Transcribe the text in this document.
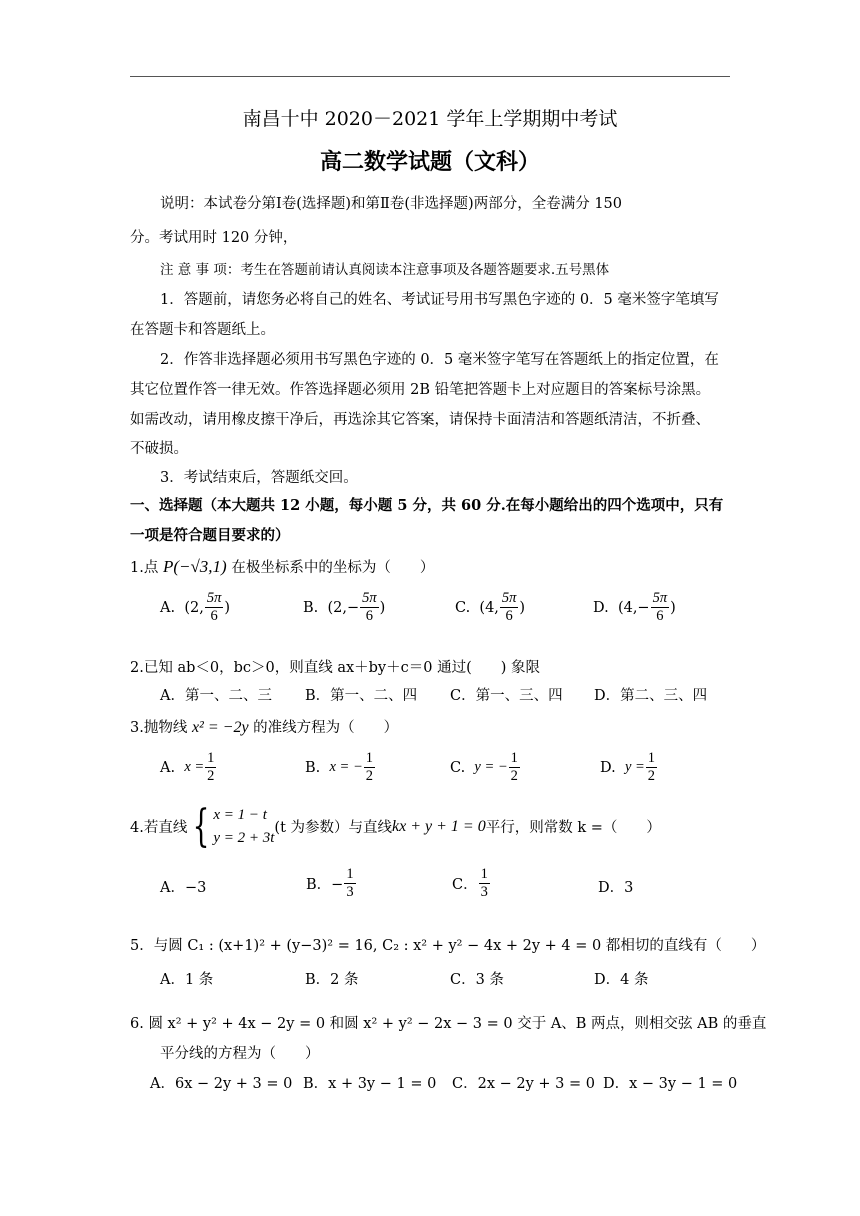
南昌十中 2020－2021 学年上学期期中考试
高二数学试题（文科）
说明：本试卷分第Ⅰ卷(选择题)和第Ⅱ卷(非选择题)两部分，全卷满分 150
分。考试用时 120 分钟，
注 意 事 项：考生在答题前请认真阅读本注意事项及各题答题要求.五号黑体
1．答题前，请您务必将自己的姓名、考试证号用书写黑色字迹的 0．5 毫米签字笔填写
在答题卡和答题纸上。
2．作答非选择题必须用书写黑色字迹的 0．5 毫米签字笔写在答题纸上的指定位置，在
其它位置作答一律无效。作答选择题必须用 2B 铅笔把答题卡上对应题目的答案标号涂黑。
如需改动，请用橡皮擦干净后，再选涂其它答案，请保持卡面清洁和答题纸清洁，不折叠、
不破损。
3．考试结束后，答题纸交回。
一、选择题（本大题共 12 小题，每小题 5 分，共 60 分.在每小题给出的四个选项中，只有
一项是符合题目要求的）
1.点 P(−√3,1) 在极坐标系中的坐标为（　　）
A.
(2, $\frac{5\pi}{6}$ )	B.
($2,- \frac{5\pi}{6}$ )	C.
(4, $\frac{5\pi}{6}$ )	D.
($4,- \frac{5\pi}{6}$ )
2.已知 ab＜0，bc＞0，则直线 ax＋by＋c＝0 通过(　　) 象限
A．第一、二、三 B．第一、二、四 C．第一、三、四 D．第二、三、四
3.抛物线 x² = −2y 的准线方程为（　　）
A.
$x = \frac{1}{2}$	B.
x = − $\frac{1}{2}$	C.
y = − $\frac{1}{2}$	D.
$y = \frac{1}{2}$
4.若直线 { x = 1 − t
y = 2 + 3t
(t 为参数）与直线 kx + y + 1 = 0 平行，则常数 k =（　　）
A．−3	B．− $\frac{1}{3}$	C． $\frac{1}{3}$	D．3
5．与圆 C₁ : (x+1)² + (y−3)² = 16, C₂ : x² + y² − 4x + 2y + 4 = 0 都相切的直线有（　　）
A．1 条	B．2 条	C．3 条	D．4 条
6. 圆 x² + y² + 4x − 2y = 0 和圆 x² + y² − 2x − 3 = 0 交于 A、B 两点，则相交弦 AB 的垂直
平分线的方程为（　　）
A．6x − 2y + 3 = 0 B．x + 3y − 1 = 0 C．2x − 2y + 3 = 0 D．x − 3y − 1 = 0
